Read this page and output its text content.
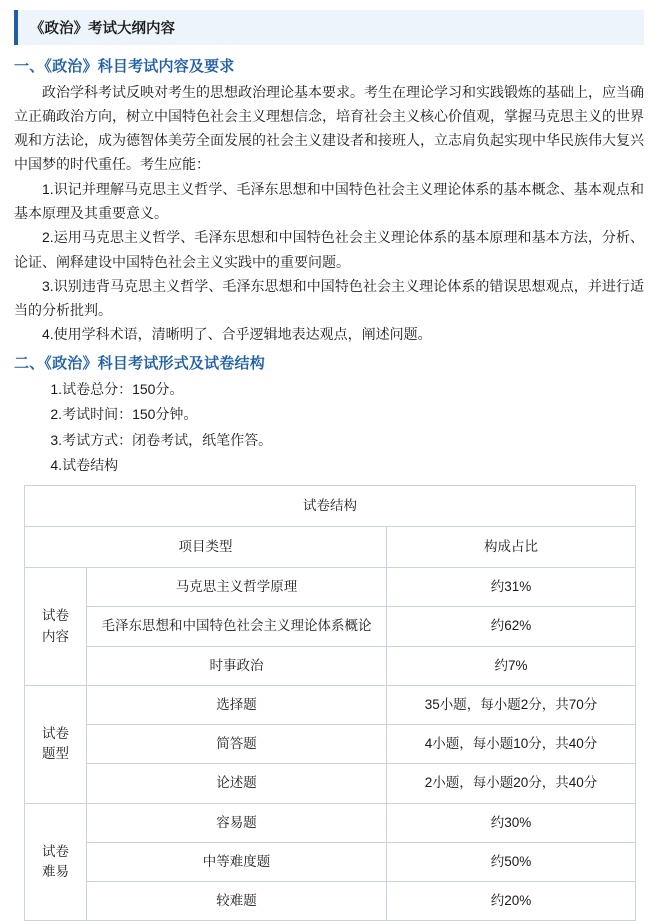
《政治》考试大纲内容
一、《政治》科目考试内容及要求

政治学科考试反映对考生的思想政治理论基本要求。考生在理论学习和实践锻炼的基础上，应当确立正确政治方向，树立中国特色社会主义理想信念，培育社会主义核心价值观，掌握马克思主义的世界观和方法论，成为德智体美劳全面发展的社会主义建设者和接班人，立志肩负起实现中华民族伟大复兴中国梦的时代重任。考生应能：

1.识记并理解马克思主义哲学、毛泽东思想和中国特色社会主义理论体系的基本概念、基本观点和基本原理及其重要意义。

2.运用马克思主义哲学、毛泽东思想和中国特色社会主义理论体系的基本原理和基本方法，分析、论证、阐释建设中国特色社会主义实践中的重要问题。

3.识别违背马克思主义哲学、毛泽东思想和中国特色社会主义理论体系的错误思想观点，并进行适当的分析批判。

4.使用学科术语，清晰明了、合乎逻辑地表达观点，阐述问题。

二、《政治》科目考试形式及试卷结构

1.试卷总分：150分。

2.考试时间：150分钟。

3.考试方式：闭卷考试，纸笔作答。

4.试卷结构

试卷结构		
项目类型		构成占比

试卷
内容	马克思主义哲学原理	约31%
	毛泽东思想和中国特色社会主义理论体系概论	约62%
	时事政治	约7%

试卷
题型	选择题	35小题，每小题2分，共70分
	简答题	4小题，每小题10分，共40分
	论述题	2小题，每小题20分，共40分

试卷
难易	容易题	约30%
	中等难度题	约50%
	较难题	约20%
